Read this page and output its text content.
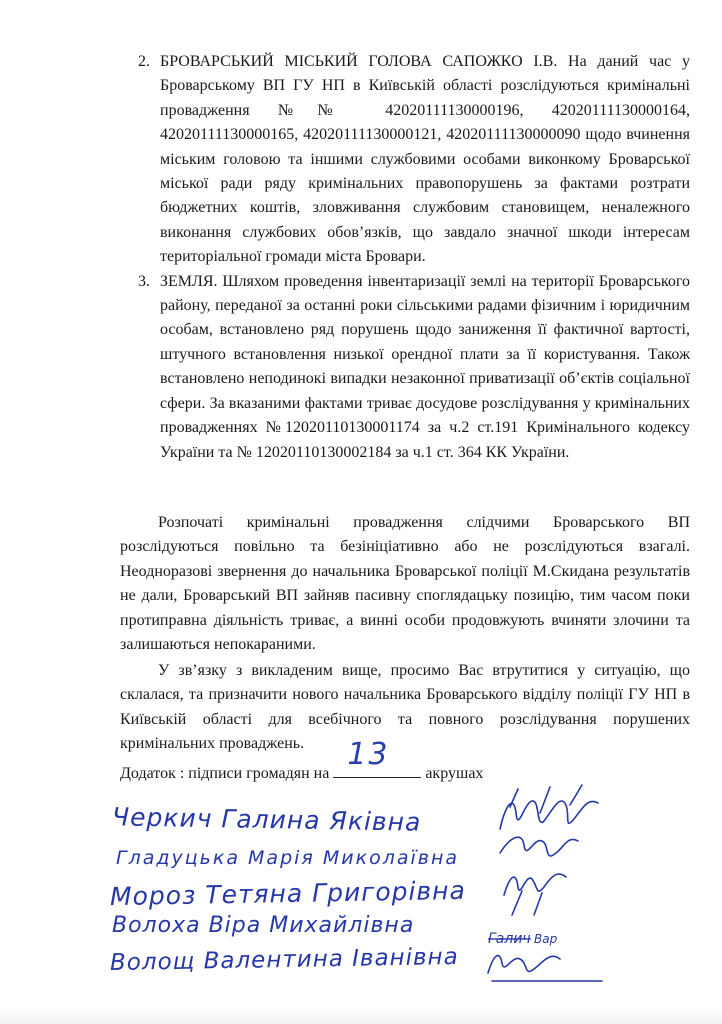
2. БРОВАРСЬКИЙ МІСЬКИЙ ГОЛОВА САПОЖКО І.В. На даний час у Броварському ВП ГУ НП в Київській області розслідуються кримінальні провадження №№ 42020111130000196, 42020111130000164, 42020111130000165, 42020111130000121, 42020111130000090 щодо вчинення міським головою та іншими службовими особами виконкому Броварської міської ради ряду кримінальних правопорушень за фактами розтрати бюджетних коштів, зловживання службовим становищем, неналежного виконання службових обов’язків, що завдало значної шкоди інтересам територіальної громади міста Бровари.
3. ЗЕМЛЯ. Шляхом проведення інвентаризації землі на території Броварського району, переданої за останні роки сільськими радами фізичним і юридичним особам, встановлено ряд порушень щодо заниження її фактичної вартості, штучного встановлення низької орендної плати за її користування. Також встановлено неподинокі випадки незаконної приватизації об’єктів соціальної сфери. За вказаними фактами триває досудове розслідування у кримінальних провадженнях №12020110130001174 за ч.2 ст.191 Кримінального кодексу України та № 12020110130002184 за ч.1 ст. 364 КК України.
Розпочаті кримінальні провадження слідчими Броварського ВП розслідуються повільно та безініціативно або не розслідуються взагалі. Неодноразові звернення до начальника Броварської поліції М.Скидана результатів не дали, Броварський ВП зайняв пасивну споглядацьку позицію, тим часом поки протиправна діяльність триває, а винні особи продовжують вчиняти злочини та залишаються непокараними.
У зв’язку з викладеним вище, просимо Вас втрутитися у ситуацію, що склалася, та призначити нового начальника Броварського відділу поліції ГУ НП в Київській області для всебічного та повного розслідування порушених кримінальних проваджень.
Додаток : підписи громадян на
13
акрушах
Черкич Галина Яківна
Гладуцька Марія Миколаївна
Мороз Тетяна Григорівна
Волоха Віра Михайлівна
Волощ Валентина Іванівна
Галич Вар
